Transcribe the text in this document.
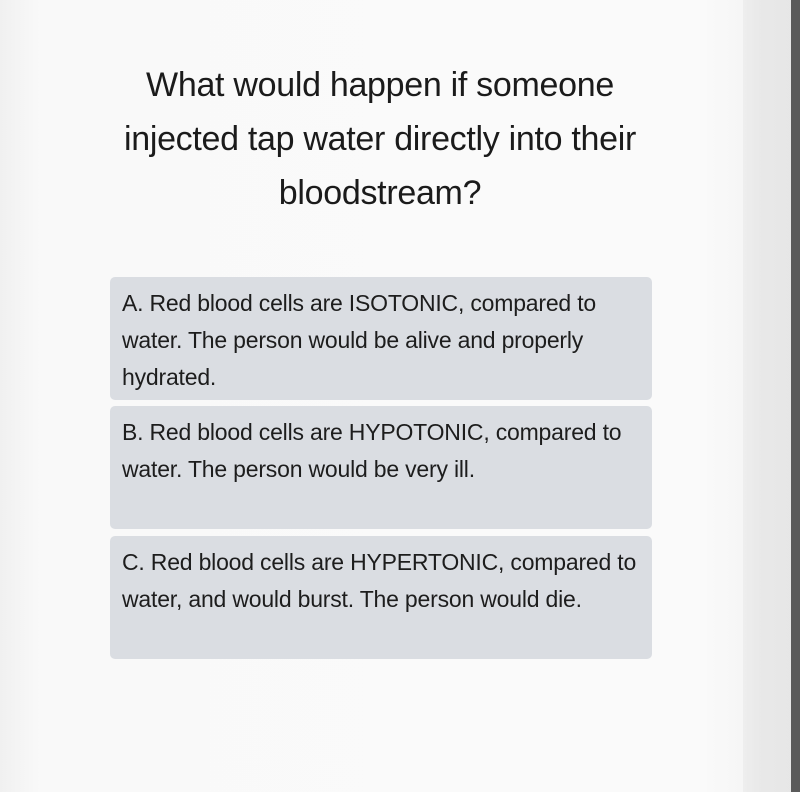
What would happen if someone injected tap water directly into their bloodstream?
A. Red blood cells are ISOTONIC, compared to water. The person would be alive and properly hydrated.
B. Red blood cells are HYPOTONIC, compared to water. The person would be very ill.
C. Red blood cells are HYPERTONIC, compared to water, and would burst. The person would die.
